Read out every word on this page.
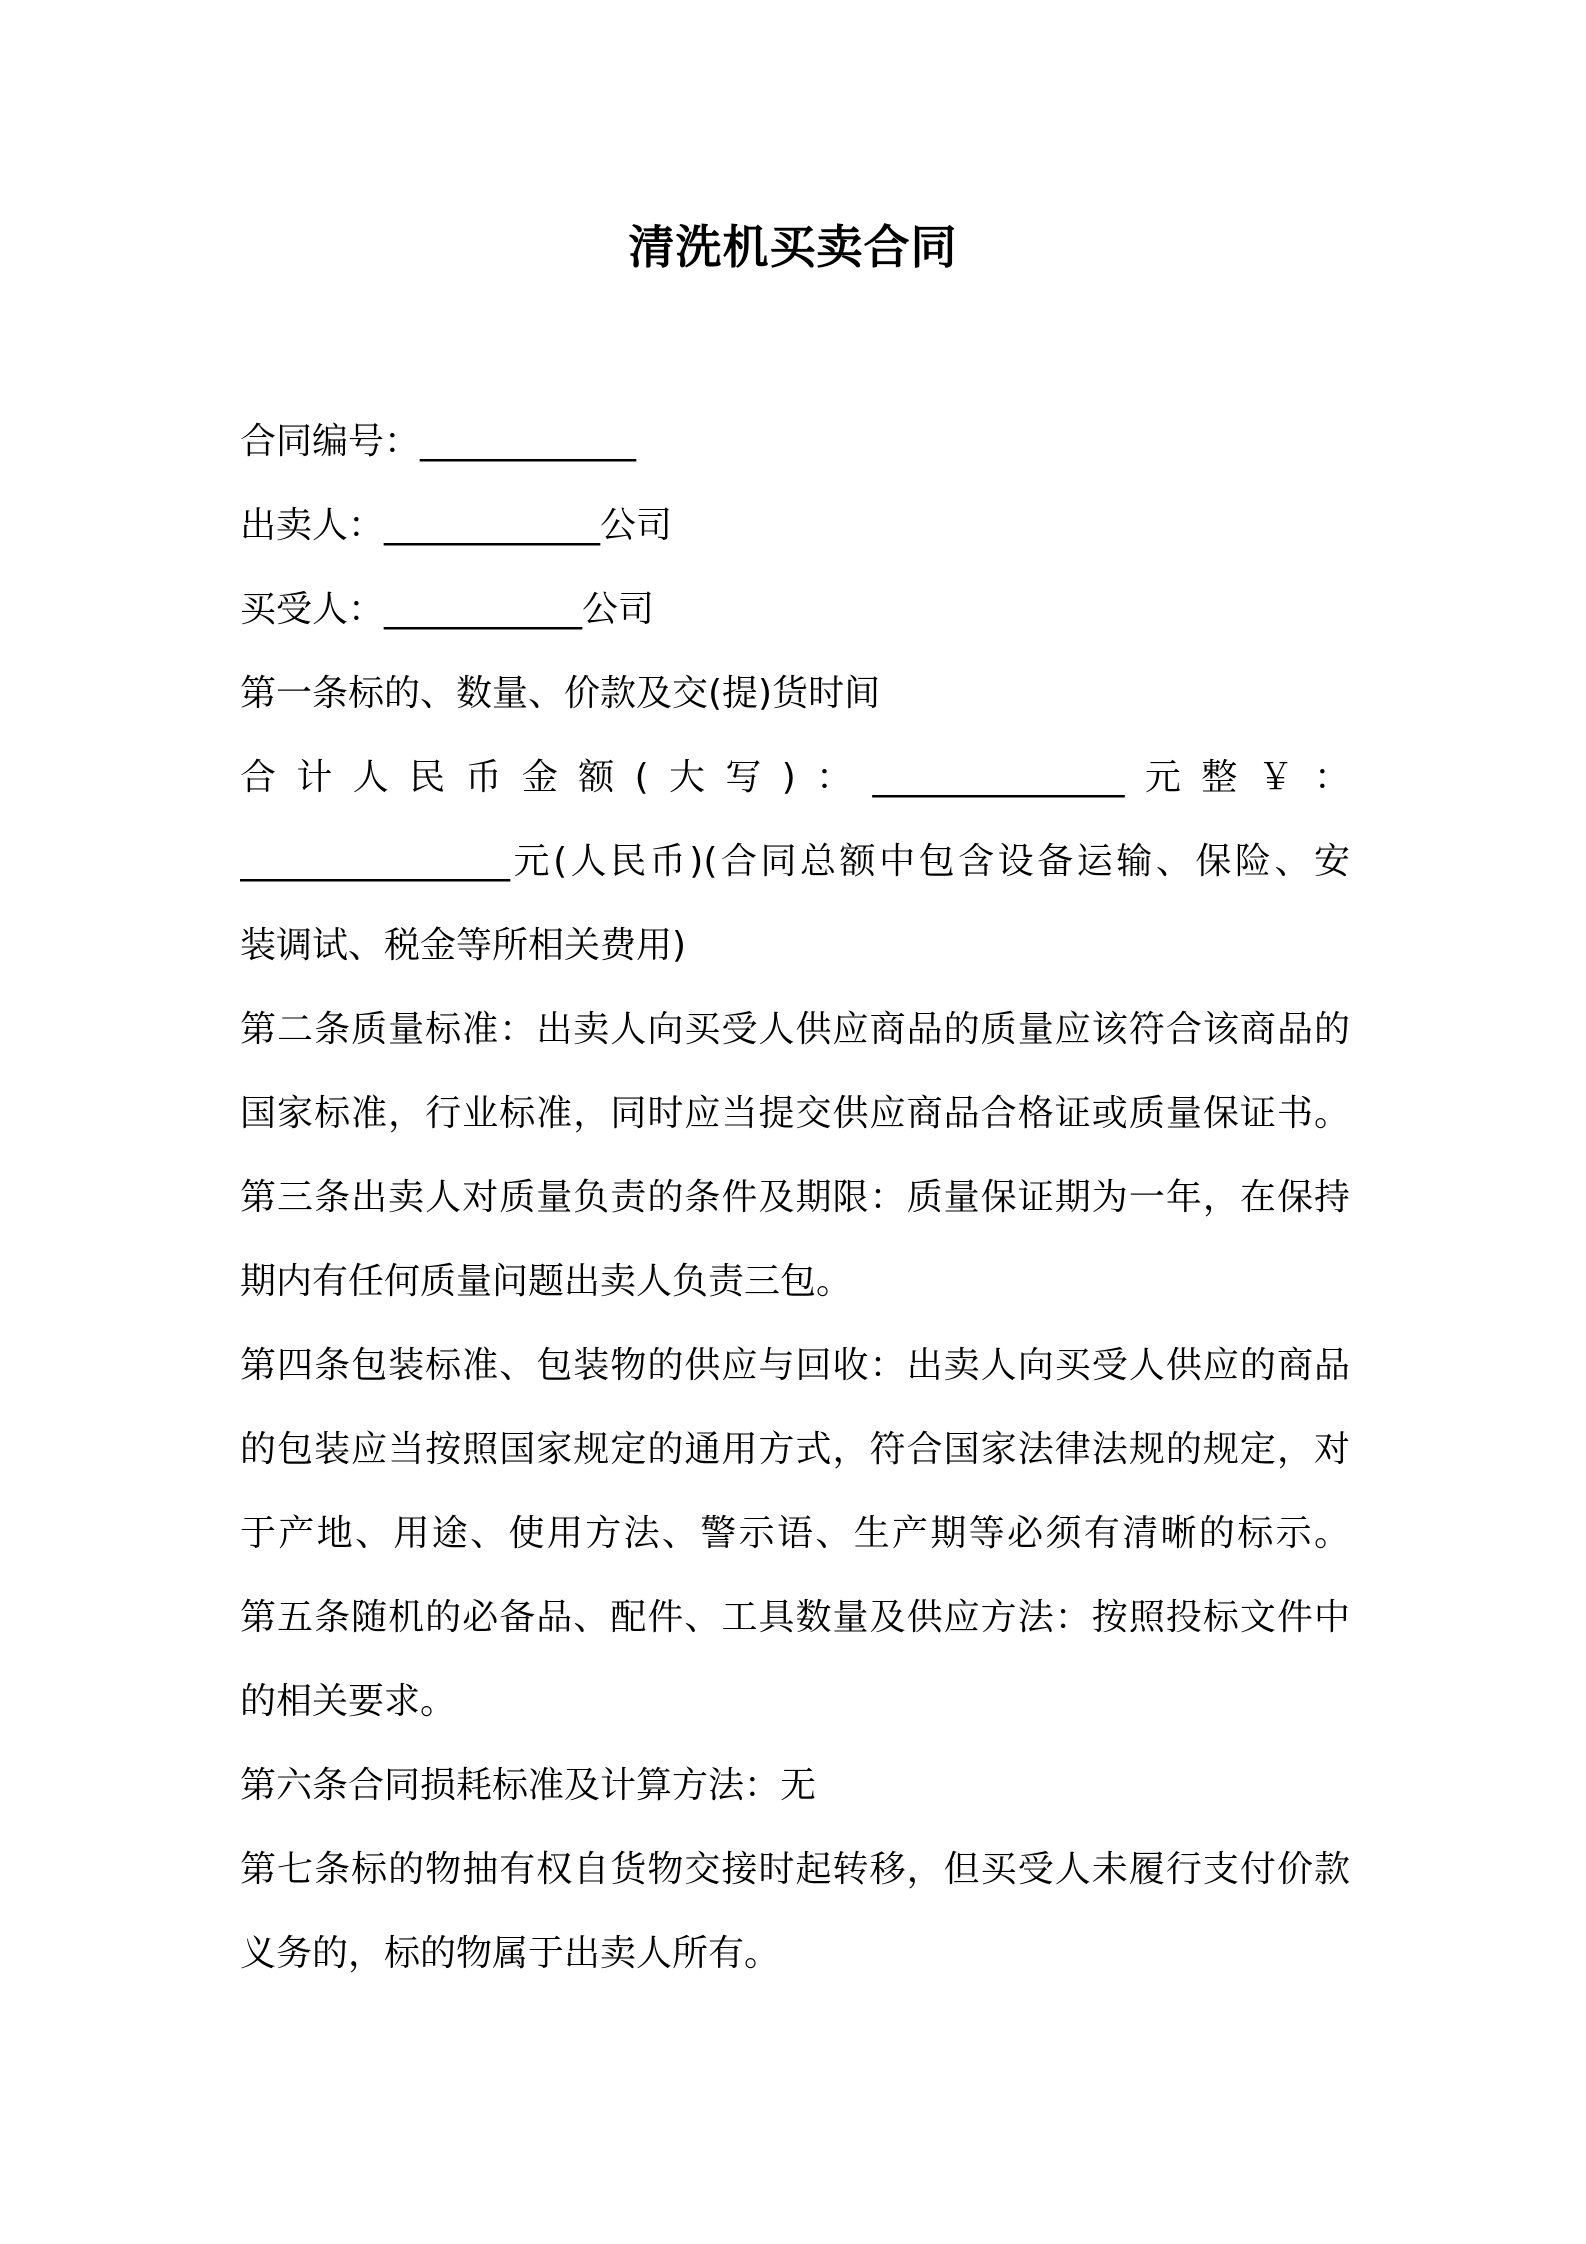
清洗机买卖合同
合同编号：____________
出卖人：____________公司
买受人：___________公司
第一条标的、数量、价款及交(提)货时间
合计人民币金额(大写)：______________元整￥：
_______________元(人民币)(合同总额中包含设备运输、保险、安
装调试、税金等所相关费用)
第二条质量标准：出卖人向买受人供应商品的质量应该符合该商品的
国家标准，行业标准，同时应当提交供应商品合格证或质量保证书。
第三条出卖人对质量负责的条件及期限：质量保证期为一年，在保持
期内有任何质量问题出卖人负责三包。
第四条包装标准、包装物的供应与回收：出卖人向买受人供应的商品
的包装应当按照国家规定的通用方式，符合国家法律法规的规定，对
于产地、用途、使用方法、警示语、生产期等必须有清晰的标示。
第五条随机的必备品、配件、工具数量及供应方法：按照投标文件中
的相关要求。
第六条合同损耗标准及计算方法：无
第七条标的物抽有权自货物交接时起转移，但买受人未履行支付价款
义务的，标的物属于出卖人所有。
